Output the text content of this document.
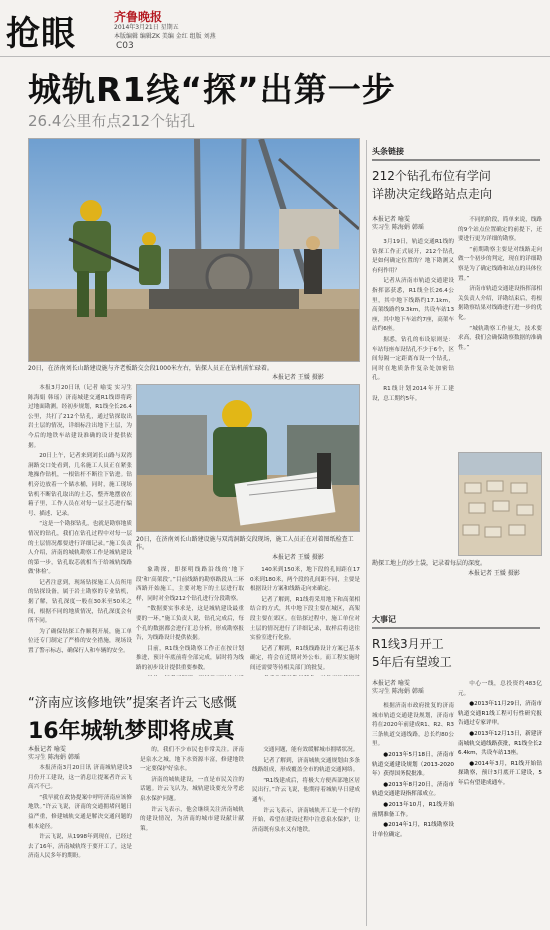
抢眼	齐鲁晚报
2014年3月21日 星期五
本版编辑 编辑ZK 美编 金红 组版 刘燕
C03
城轨R1线“探”出第一步
26.4公里布点212个钻孔
20日，在济南刘长山路建设施与齐老板路交会段1000米左右，钻探人员正在钻机前忙碌着。
本报记者 王媛 摄影

本报3月20日讯（记者 喻雯 实习生 陈海娟 韩瑶）济南城建交通R1线即将跨过地面勘测。经初步规划，R1线全长26.4公里，共打了212个钻孔，通过钻探取出岩土层的情况，详细标注出地下土层，为今后的地铁车站建设准确的设计提供依据。

20日上午，记者来到刘长山路与双湾洞路交口处看到，几名施工人员正在紧张地操作钻机，一根钻杆不断往下钻进。钻机旁边放着一个储水桶，同时，施工现场钻机不断钻孔取出的土芯，整齐地摆放在箱子里，工作人员在对每一层土芯进行编号、描述、记录。

“这是一个勘探钻孔，也就是勘察地质情况的钻孔，我们在钻孔过程中对每一层的土层情况都要进行详细记录。”施工负责人介绍，济南的城轨勘察工作是城轨建设的第一步，钻孔取芯就相当于给城轨线路做‘体检’。

记者注意到，现场钻探施工人员所用的钻探设备，属于岩土勘察的专业钻机，据了解，钻孔深度一般在30米至50米之间，根据不同的地质情况，钻孔深度会有所不同。

为了确保钻探工作顺利开展，施工单位还专门制定了严格的安全措施，现场设置了警示标志，确保行人和车辆的安全。

20日，在济南刘长山路建设施与双湾洞路交段现场，施工人员正在对着图纸检查工作。
本报记者 王媛 摄影

象勘探，即探明线路沿线的‘地下段’和‘高架段’。”目前线路的勘察路段从二环西路开始施工，主要对地下的土层进行取样，同时对全线212个钻孔进行分段勘察。

“数据要实事求是，这是城轨建设最重要的一环。”施工负责人说，钻孔完成后，每个孔的数据都会进行汇总分析，形成勘察报告，为线路设计提供依据。

目前，R1线全线勘察工作正在按计划推进，预计年底前将全部完成，届时将为线路的初步设计提供重要参数。

140米到150米，地下段的孔间距在170米到180米，两个段的孔间距不同，主要是根据设计方案和线路走向来确定。

记者了解到，R1线将采用地下和高架相结合的方式，其中地下段主要在城区，高架段主要在郊区。在钻探过程中，施工单位对土层的情况进行了详细记录，取样后将送往实验室进行化验。

记者了解到，R1线线路设计方案已基本确定，将会在近期对外公布。而工程实施时间还需要等待相关部门的批复。

头条链接
212个钻孔布位有学问
详勘决定线路站点走向
本报记者 喻雯
实习生 陈海娟 韩瑶

3月19日，轨道交通R1线的钻探工作正式展开，212个钻孔是如何确定位置的？地下勘测又有何作用？

记者从济南市轨道交通建设指挥部获悉，R1线全长26.4公里，其中地下线路约17.1km，高架线路约9.3km，共设车站13座，其中地下车站约7座，高架车站约6座。

据悉，钻孔的布设原则是：车站每座布设钻孔不少于6个，区间每隔一定距离布设一个钻孔，同时在地质条件复杂处加密钻孔。

R1线计划2014年开工建设，总工期约5年。

不同的阶段，简单来说，线路的9个站点位置确定的前提下，还要进行更为详细的勘察。

“前期勘察主要是对线路走向做一个初步的判定，现在的详细勘察是为了确定线路和站点的具体位置。”

济南市轨道交通建设指挥部相关负责人介绍，详勘结束后，将根据勘察结果对线路进行进一步的优化。

“城轨勘察工作量大，技术要求高，我们会确保勘察数据的准确性。”

勘探工地上的沙土袋，记录着每层的深度。
本报记者 王媛 摄影
大事记
R1线3月开工
5年后有望竣工
本报记者 喻雯
实习生 陈海娟 韩瑶

根据济南市政府批复的济南城市轨道交通建设规划，济南市将在2020年前建成R1、R2、R3三条轨道交通线路，总长约80公里。

●2013年5月18日，济南市轨道交通建设规划（2013-2020年）获得国务院批准。

●2013年8月20日，济南市轨道交通建设指挥部成立。

●2013年10月，R1线开始前期准备工作。

●2014年1月，R1线勘察设计单位确定。

中心一线，总投资约483亿元。

●2013年11月29日，济南市轨道交通R1线工程可行性研究报告通过专家评审。

●2013年12月13日，新建济南城轨交通线路获批，R1线全长26.4km，共设车站13座。

●2014年3月，R1线开始钻探勘察，预计3月底开工建设，5年后有望建成通车。

“济南应该修地铁”提案者许云飞感慨
16年城轨梦即将成真
本报记者 喻雯
实习生 陈海娟 韩瑶

本报济南3月20日讯 济南城轨建设3月份开工建设，这一消息让提案者许云飞高兴不已。

“我早就在政协提案中呼吁济南应该修地铁。”许云飞说，济南的交通拥堵问题日益严重，修建城轨交通是解决交通问题的根本途径。

许云飞说，从1998年到现在，已经过去了16年，济南城轨终于要开工了，这是济南人民多年的期盼。

的，我们不少市民也非常关注。济南是泉水之城，地下水资源丰富，修建地铁一定要保护好泉水。

济南的城轨建设，一直是市民关注的话题。许云飞认为，城轨建设要充分考虑泉水保护问题。

许云飞表示，他会继续关注济南城轨的建设情况，为济南的城市建设献计献策。

交通问题，能有效缓解城市拥堵状况。

记者了解到，济南城轨交通规划由多条线路组成，形成覆盖全市的轨道交通网络。

“R1线建成后，将极大方便西部地区居民出行。”许云飞说，他期待着城轨早日建成通车。

许云飞表示，济南城轨开工是一个好的开始，希望在建设过程中注意泉水保护，让济南既有泉水又有地铁。
